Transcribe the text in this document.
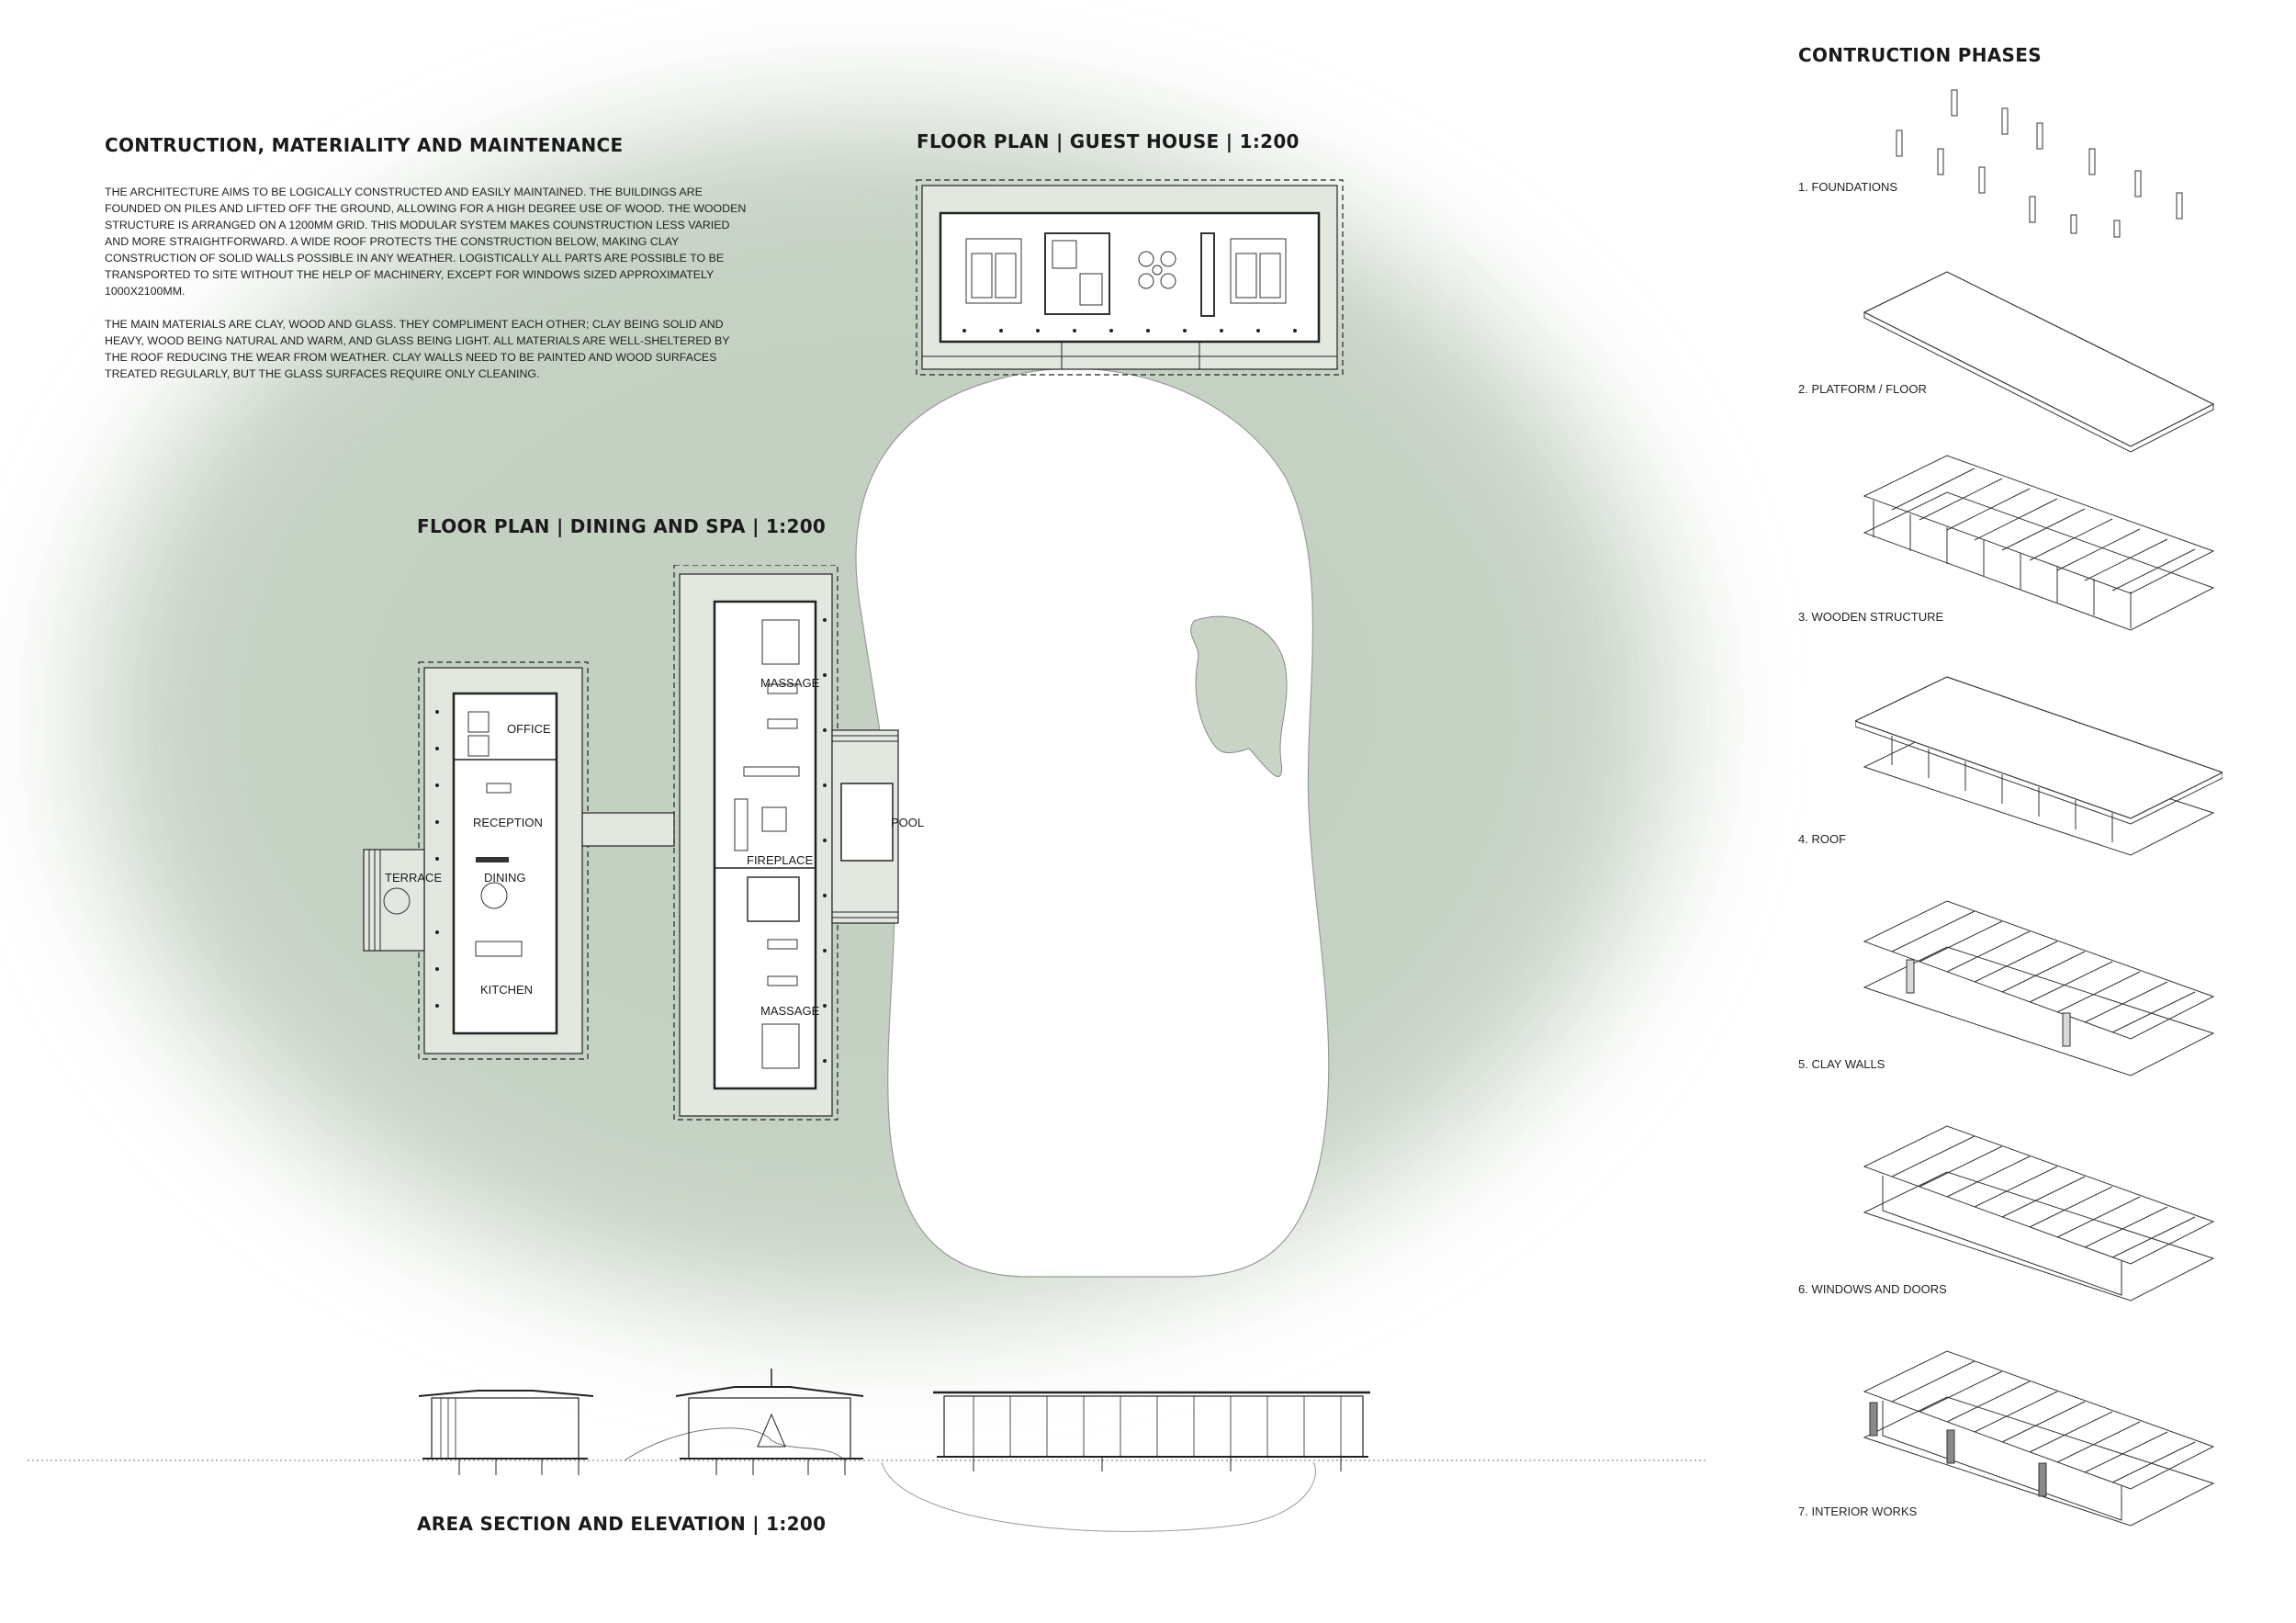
CONTRUCTION, MATERIALITY AND MAINTENANCE

THE ARCHITECTURE AIMS TO BE LOGICALLY CONSTRUCTED AND EASILY MAINTAINED. THE BUILDINGS ARE FOUNDED ON PILES AND LIFTED OFF THE GROUND, ALLOWING FOR A HIGH DEGREE USE OF WOOD. THE WOODEN STRUCTURE IS ARRANGED ON A 1200MM GRID. THIS MODULAR SYSTEM MAKES COUNSTRUCTION LESS VARIED AND MORE STRAIGHTFORWARD. A WIDE ROOF PROTECTS THE CONSTRUCTION BELOW, MAKING CLAY CONSTRUCTION OF SOLID WALLS POSSIBLE IN ANY WEATHER. LOGISTICALLY ALL PARTS ARE POSSIBLE TO BE TRANSPORTED TO SITE WITHOUT THE HELP OF MACHINERY, EXCEPT FOR WINDOWS SIZED APPROXIMATELY 1000X2100MM.

THE MAIN MATERIALS ARE CLAY, WOOD AND GLASS. THEY COMPLIMENT EACH OTHER; CLAY BEING SOLID AND HEAVY, WOOD BEING NATURAL AND WARM, AND GLASS BEING LIGHT. ALL MATERIALS ARE WELL-SHELTERED BY THE ROOF REDUCING THE WEAR FROM WEATHER. CLAY WALLS NEED TO BE PAINTED AND WOOD SURFACES TREATED REGULARLY, BUT THE GLASS SURFACES REQUIRE ONLY CLEANING.

FLOOR PLAN | GUEST HOUSE | 1:200
FLOOR PLAN | DINING AND SPA | 1:200
AREA SECTION AND ELEVATION | 1:200
OFFICE
RECEPTION
DINING
KITCHEN
TERRACE
MASSAGE
FIREPLACE
MASSAGE
POOL
CONTRUCTION PHASES
1. FOUNDATIONS
2. PLATFORM / FLOOR
3. WOODEN STRUCTURE
4. ROOF
5. CLAY WALLS
6. WINDOWS AND DOORS
7. INTERIOR WORKS
